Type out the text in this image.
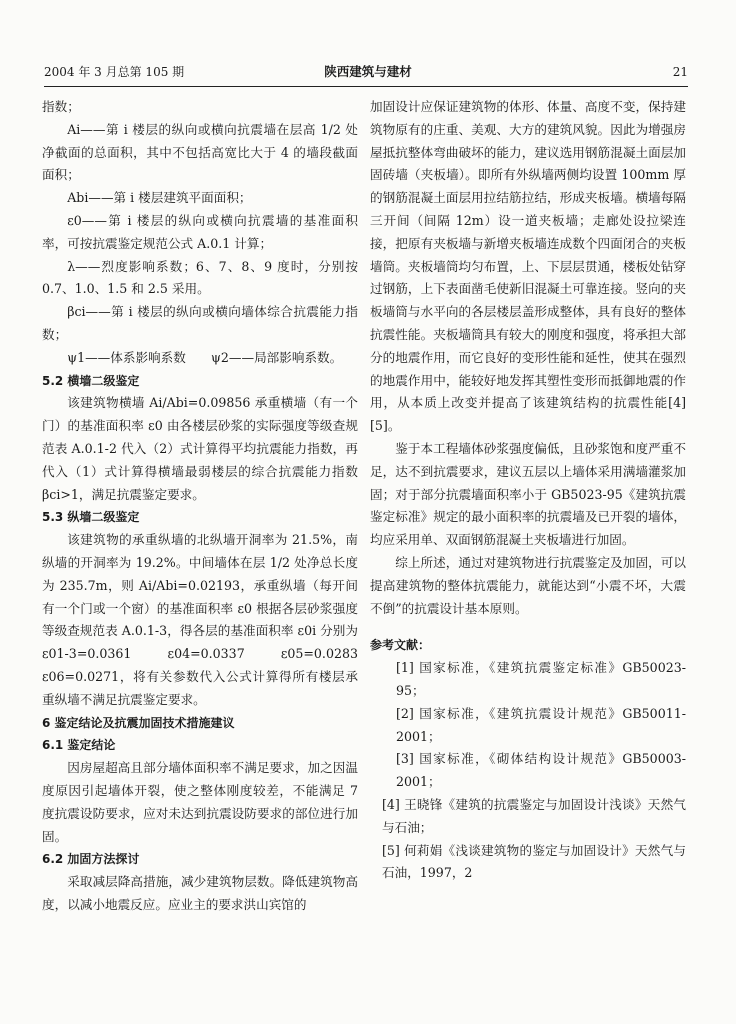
2004 年 3 月总第 105 期	陕西建筑与建材	21

指数；

Ai——第 i 楼层的纵向或横向抗震墙在层高 1/2 处净截面的总面积，其中不包括高宽比大于 4 的墙段截面面积；

Abi——第 i 楼层建筑平面面积；

ε0——第 i 楼层的纵向或横向抗震墙的基准面积率，可按抗震鉴定规范公式 A.0.1 计算；

λ——烈度影响系数；6、7、8、9 度时，分别按 0.7、1.0、1.5 和 2.5 采用。

βci——第 i 楼层的纵向或横向墙体综合抗震能力指数；

ψ1——体系影响系数　　ψ2——局部影响系数。

5.2 横墙二级鉴定

该建筑物横墙 Ai/Abi=0.09856 承重横墙（有一个门）的基准面积率 ε0 由各楼层砂浆的实际强度等级查规范表 A.0.1-2 代入（2）式计算得平均抗震能力指数，再代入（1）式计算得横墙最弱楼层的综合抗震能力指数 βci>1，满足抗震鉴定要求。

5.3 纵墙二级鉴定

该建筑物的承重纵墙的北纵墙开洞率为 21.5%，南纵墙的开洞率为 19.2%。中间墙体在层 1/2 处净总长度为 235.7m，则 Ai/Abi=0.02193，承重纵墙（每开间有一个门或一个窗）的基准面积率 ε0 根据各层砂浆强度等级查规范表 A.0.1-3，得各层的基准面积率 ε0i 分别为 ε01-3=0.0361　ε04=0.0337　ε05=0.0283　ε06=0.0271，将有关参数代入公式计算得所有楼层承重纵墙不满足抗震鉴定要求。

6 鉴定结论及抗震加固技术措施建议

6.1 鉴定结论

因房屋超高且部分墙体面积率不满足要求，加之因温度原因引起墙体开裂，使之整体刚度较差，不能满足 7 度抗震设防要求，应对未达到抗震设防要求的部位进行加固。

6.2 加固方法探讨

采取减层降高措施，减少建筑物层数。降低建筑物高度，以减小地震反应。应业主的要求洪山宾馆的

加固设计应保证建筑物的体形、体量、高度不变，保持建筑物原有的庄重、美观、大方的建筑风貌。因此为增强房屋抵抗整体弯曲破坏的能力，建议选用钢筋混凝土面层加固砖墙（夹板墙）。即所有外纵墙两侧均设置 100mm 厚的钢筋混凝土面层用拉结筋拉结，形成夹板墙。横墙每隔三开间（间隔 12m）设一道夹板墙；走廊处设拉梁连接，把原有夹板墙与新增夹板墙连成数个四面闭合的夹板墙筒。夹板墙筒均匀布置，上、下层层贯通，楼板处钻穿过钢筋，上下表面凿毛使新旧混凝土可靠连接。竖向的夹板墙筒与水平向的各层楼层盖形成整体，具有良好的整体抗震性能。夹板墙筒具有较大的刚度和强度，将承担大部分的地震作用，而它良好的变形性能和延性，使其在强烈的地震作用中，能较好地发挥其塑性变形而抵御地震的作用，从本质上改变并提高了该建筑结构的抗震性能[4][5]。

鉴于本工程墙体砂浆强度偏低，且砂浆饱和度严重不足，达不到抗震要求，建议五层以上墙体采用满墙灌浆加固；对于部分抗震墙面积率小于 GB5023-95《建筑抗震鉴定标准》规定的最小面积率的抗震墙及已开裂的墙体，均应采用单、双面钢筋混凝土夹板墙进行加固。

综上所述，通过对建筑物进行抗震鉴定及加固，可以提高建筑物的整体抗震能力，就能达到“小震不坏，大震不倒”的抗震设计基本原则。

参考文献：

[1] 国家标准，《建筑抗震鉴定标准》GB50023-95；

[2] 国家标准，《建筑抗震设计规范》GB50011-2001；

[3] 国家标准，《砌体结构设计规范》GB50003-2001；

[4] 王晓锋《建筑的抗震鉴定与加固设计浅谈》天然气与石油；

[5] 何莉娟《浅谈建筑物的鉴定与加固设计》天然气与石油，1997，2
